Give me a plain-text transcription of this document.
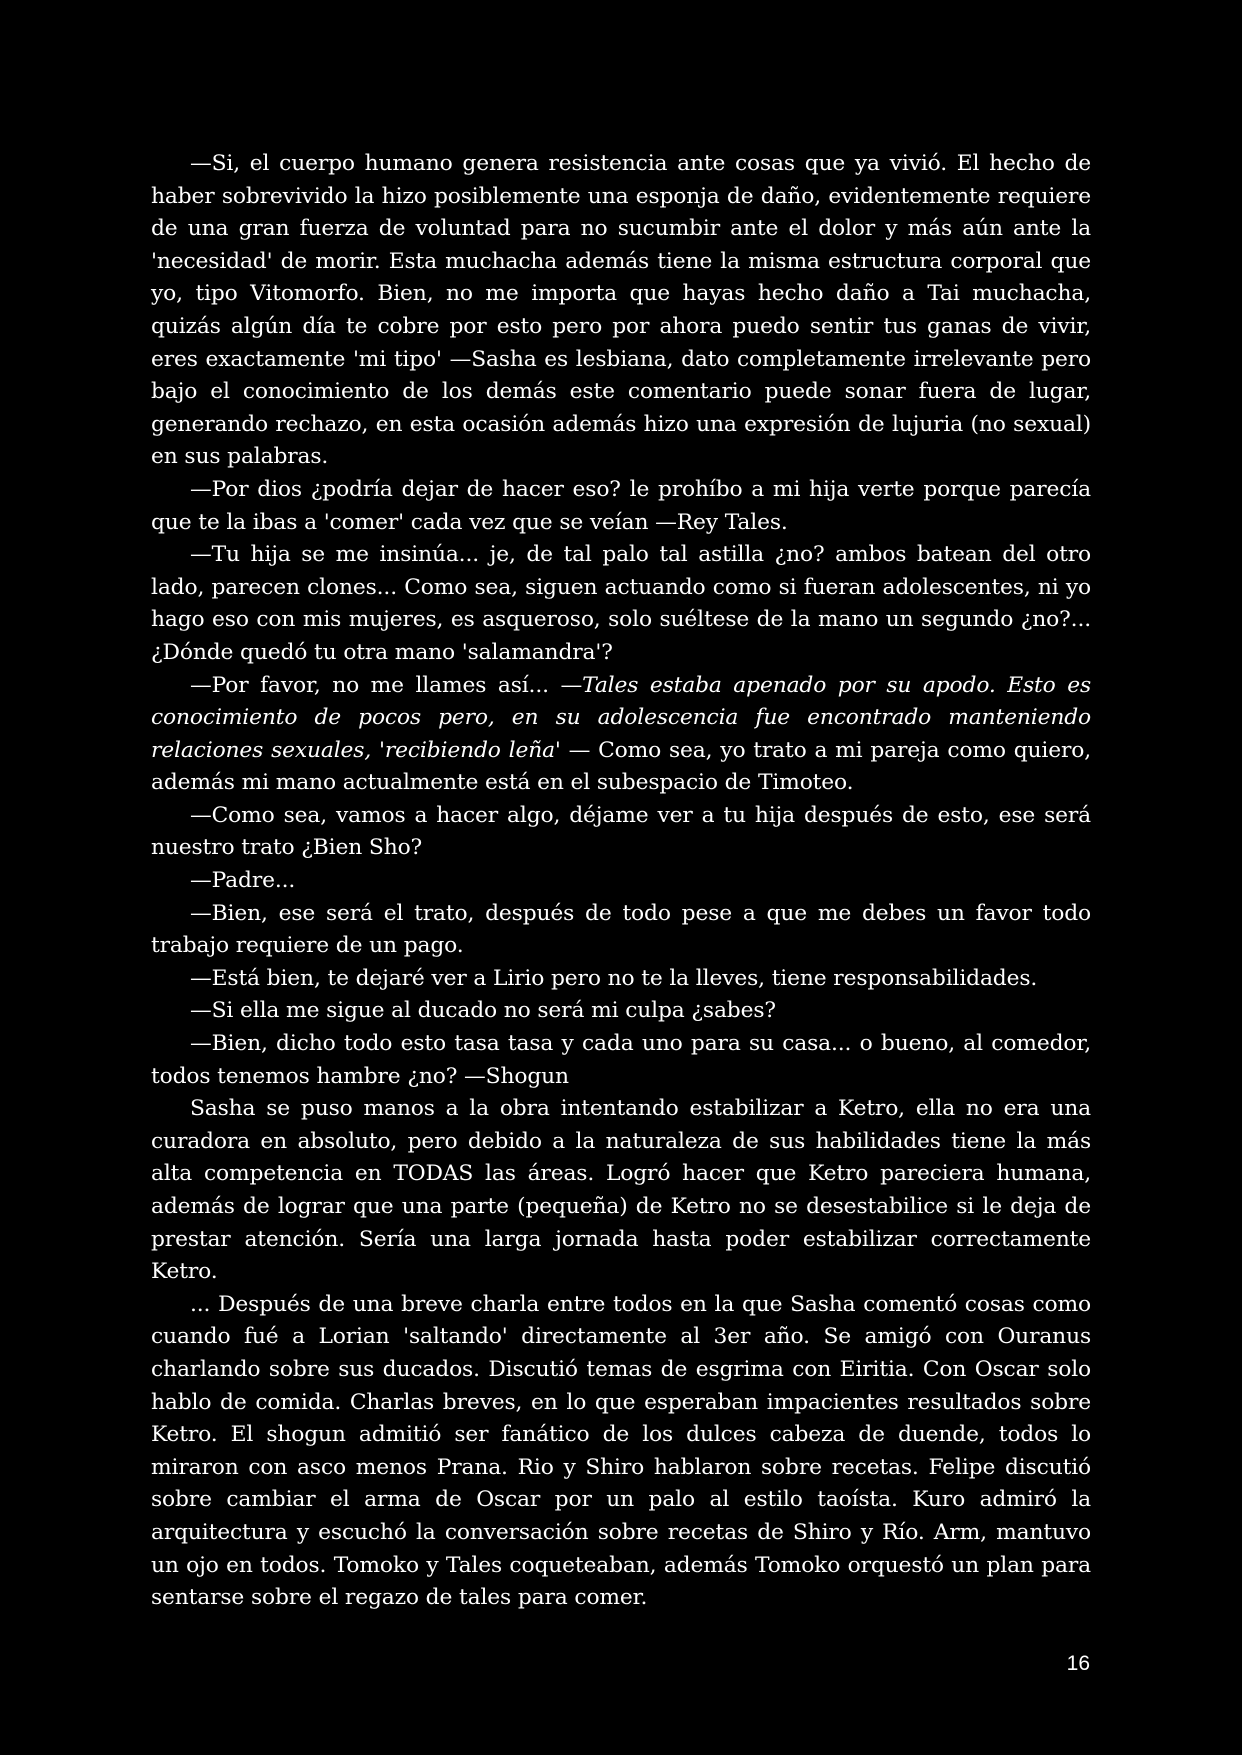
—Si, el cuerpo humano genera resistencia ante cosas que ya vivió. El hecho de haber sobrevivido la hizo posiblemente una esponja de daño, evidentemente requiere de una gran fuerza de voluntad para no sucumbir ante el dolor y más aún ante la 'necesidad' de morir. Esta muchacha además tiene la misma estructura corporal que yo, tipo Vitomorfo. Bien, no me importa que hayas hecho daño a Tai muchacha, quizás algún día te cobre por esto pero por ahora puedo sentir tus ganas de vivir, eres exactamente 'mi tipo' —Sasha es lesbiana, dato completamente irrelevante pero bajo el conocimiento de los demás este comentario puede sonar fuera de lugar, generando rechazo, en esta ocasión además hizo una expresión de lujuria (no sexual) en sus palabras.

—Por dios ¿podría dejar de hacer eso? le prohíbo a mi hija verte porque parecía que te la ibas a 'comer' cada vez que se veían —Rey Tales.

—Tu hija se me insinúa... je, de tal palo tal astilla ¿no? ambos batean del otro lado, parecen clones... Como sea, siguen actuando como si fueran adolescentes, ni yo hago eso con mis mujeres, es asqueroso, solo suéltese de la mano un segundo ¿no?... ¿Dónde quedó tu otra mano 'salamandra'?

—Por favor, no me llames así... —Tales estaba apenado por su apodo. Esto es conocimiento de pocos pero, en su adolescencia fue encontrado manteniendo relaciones sexuales, 'recibiendo leña' — Como sea, yo trato a mi pareja como quiero, además mi mano actualmente está en el subespacio de Timoteo.

—Como sea, vamos a hacer algo, déjame ver a tu hija después de esto, ese será nuestro trato ¿Bien Sho?

—Padre...

—Bien, ese será el trato, después de todo pese a que me debes un favor todo trabajo requiere de un pago.

—Está bien, te dejaré ver a Lirio pero no te la lleves, tiene responsabilidades.

—Si ella me sigue al ducado no será mi culpa ¿sabes?

—Bien, dicho todo esto tasa tasa y cada uno para su casa... o bueno, al comedor, todos tenemos hambre ¿no? —Shogun

Sasha se puso manos a la obra intentando estabilizar a Ketro, ella no era una curadora en absoluto, pero debido a la naturaleza de sus habilidades tiene la más alta competencia en TODAS las áreas. Logró hacer que Ketro pareciera humana, además de lograr que una parte (pequeña) de Ketro no se desestabilice si le deja de prestar atención. Sería una larga jornada hasta poder estabilizar correctamente Ketro.

... Después de una breve charla entre todos en la que Sasha comentó cosas como cuando fué a Lorian 'saltando' directamente al 3er año. Se amigó con Ouranus charlando sobre sus ducados. Discutió temas de esgrima con Eiritia. Con Oscar solo hablo de comida. Charlas breves, en lo que esperaban impacientes resultados sobre Ketro. El shogun admitió ser fanático de los dulces cabeza de duende, todos lo miraron con asco menos Prana. Rio y Shiro hablaron sobre recetas. Felipe discutió sobre cambiar el arma de Oscar por un palo al estilo taoísta. Kuro admiró la arquitectura y escuchó la conversación sobre recetas de Shiro y Río. Arm, mantuvo un ojo en todos. Tomoko y Tales coqueteaban, además Tomoko orquestó un plan para sentarse sobre el regazo de tales para comer.

16
